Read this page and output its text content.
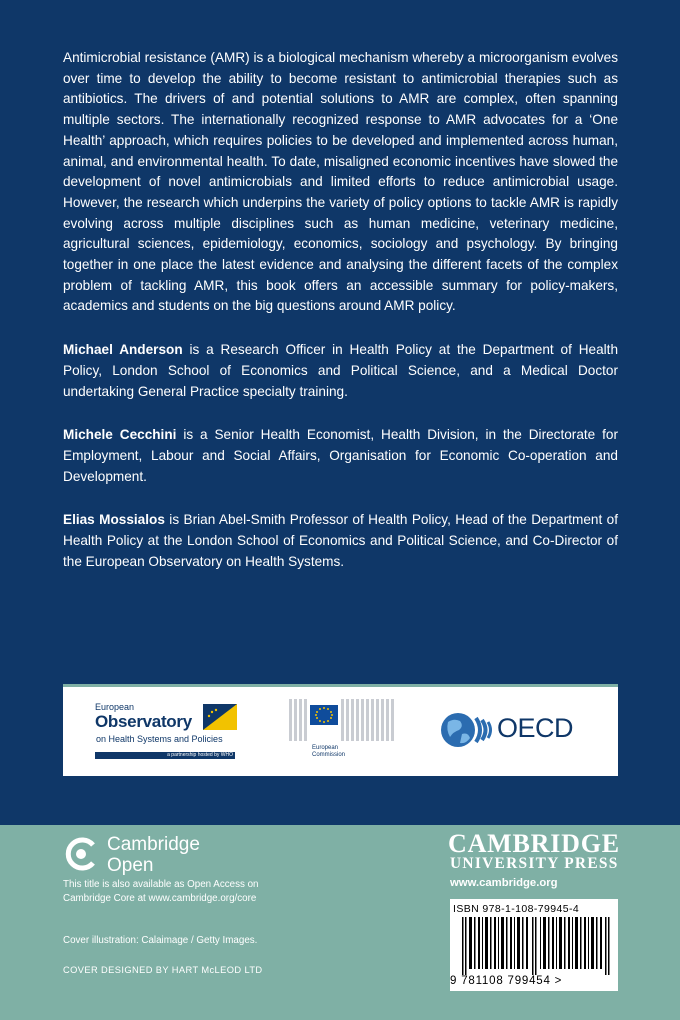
Antimicrobial resistance (AMR) is a biological mechanism whereby a microorganism evolves over time to develop the ability to become resistant to antimicrobial therapies such as antibiotics. The drivers of and potential solutions to AMR are complex, often spanning multiple sectors. The internationally recognized response to AMR advocates for a ‘One Health’ approach, which requires policies to be developed and implemented across human, animal, and environmental health. To date, misaligned economic incentives have slowed the development of novel antimicrobials and limited efforts to reduce antimicrobial usage. However, the research which underpins the variety of policy options to tackle AMR is rapidly evolving across multiple disciplines such as human medicine, veterinary medicine, agricultural sciences, epidemiology, economics, sociology and psychology. By bringing together in one place the latest evidence and analysing the different facets of the complex problem of tackling AMR, this book offers an accessible summary for policy-makers, academics and students on the big questions around AMR policy.

Michael Anderson is a Research Officer in Health Policy at the Department of Health Policy, London School of Economics and Political Science, and a Medical Doctor undertaking General Practice specialty training.

Michele Cecchini is a Senior Health Economist, Health Division, in the Directorate for Employment, Labour and Social Affairs, Organisation for Economic Co-operation and Development.

Elias Mossialos is Brian Abel-Smith Professor of Health Policy, Head of the Department of Health Policy at the London School of Economics and Political Science, and Co-Director of the European Observatory on Health Systems.

European
Observatory
on Health Systems and Policies
a partnership hosted by WHO
European
Commission
OECD
Cambridge
Open
This title is also available as Open Access on Cambridge Core at www.cambridge.org/core
Cover illustration: Calaimage / Getty Images.
COVER DESIGNED BY HART McLEOD LTD
CAMBRIDGE
UNIVERSITY PRESS
www.cambridge.org
ISBN 978-1-108-79945-4
9 781108 799454 >
